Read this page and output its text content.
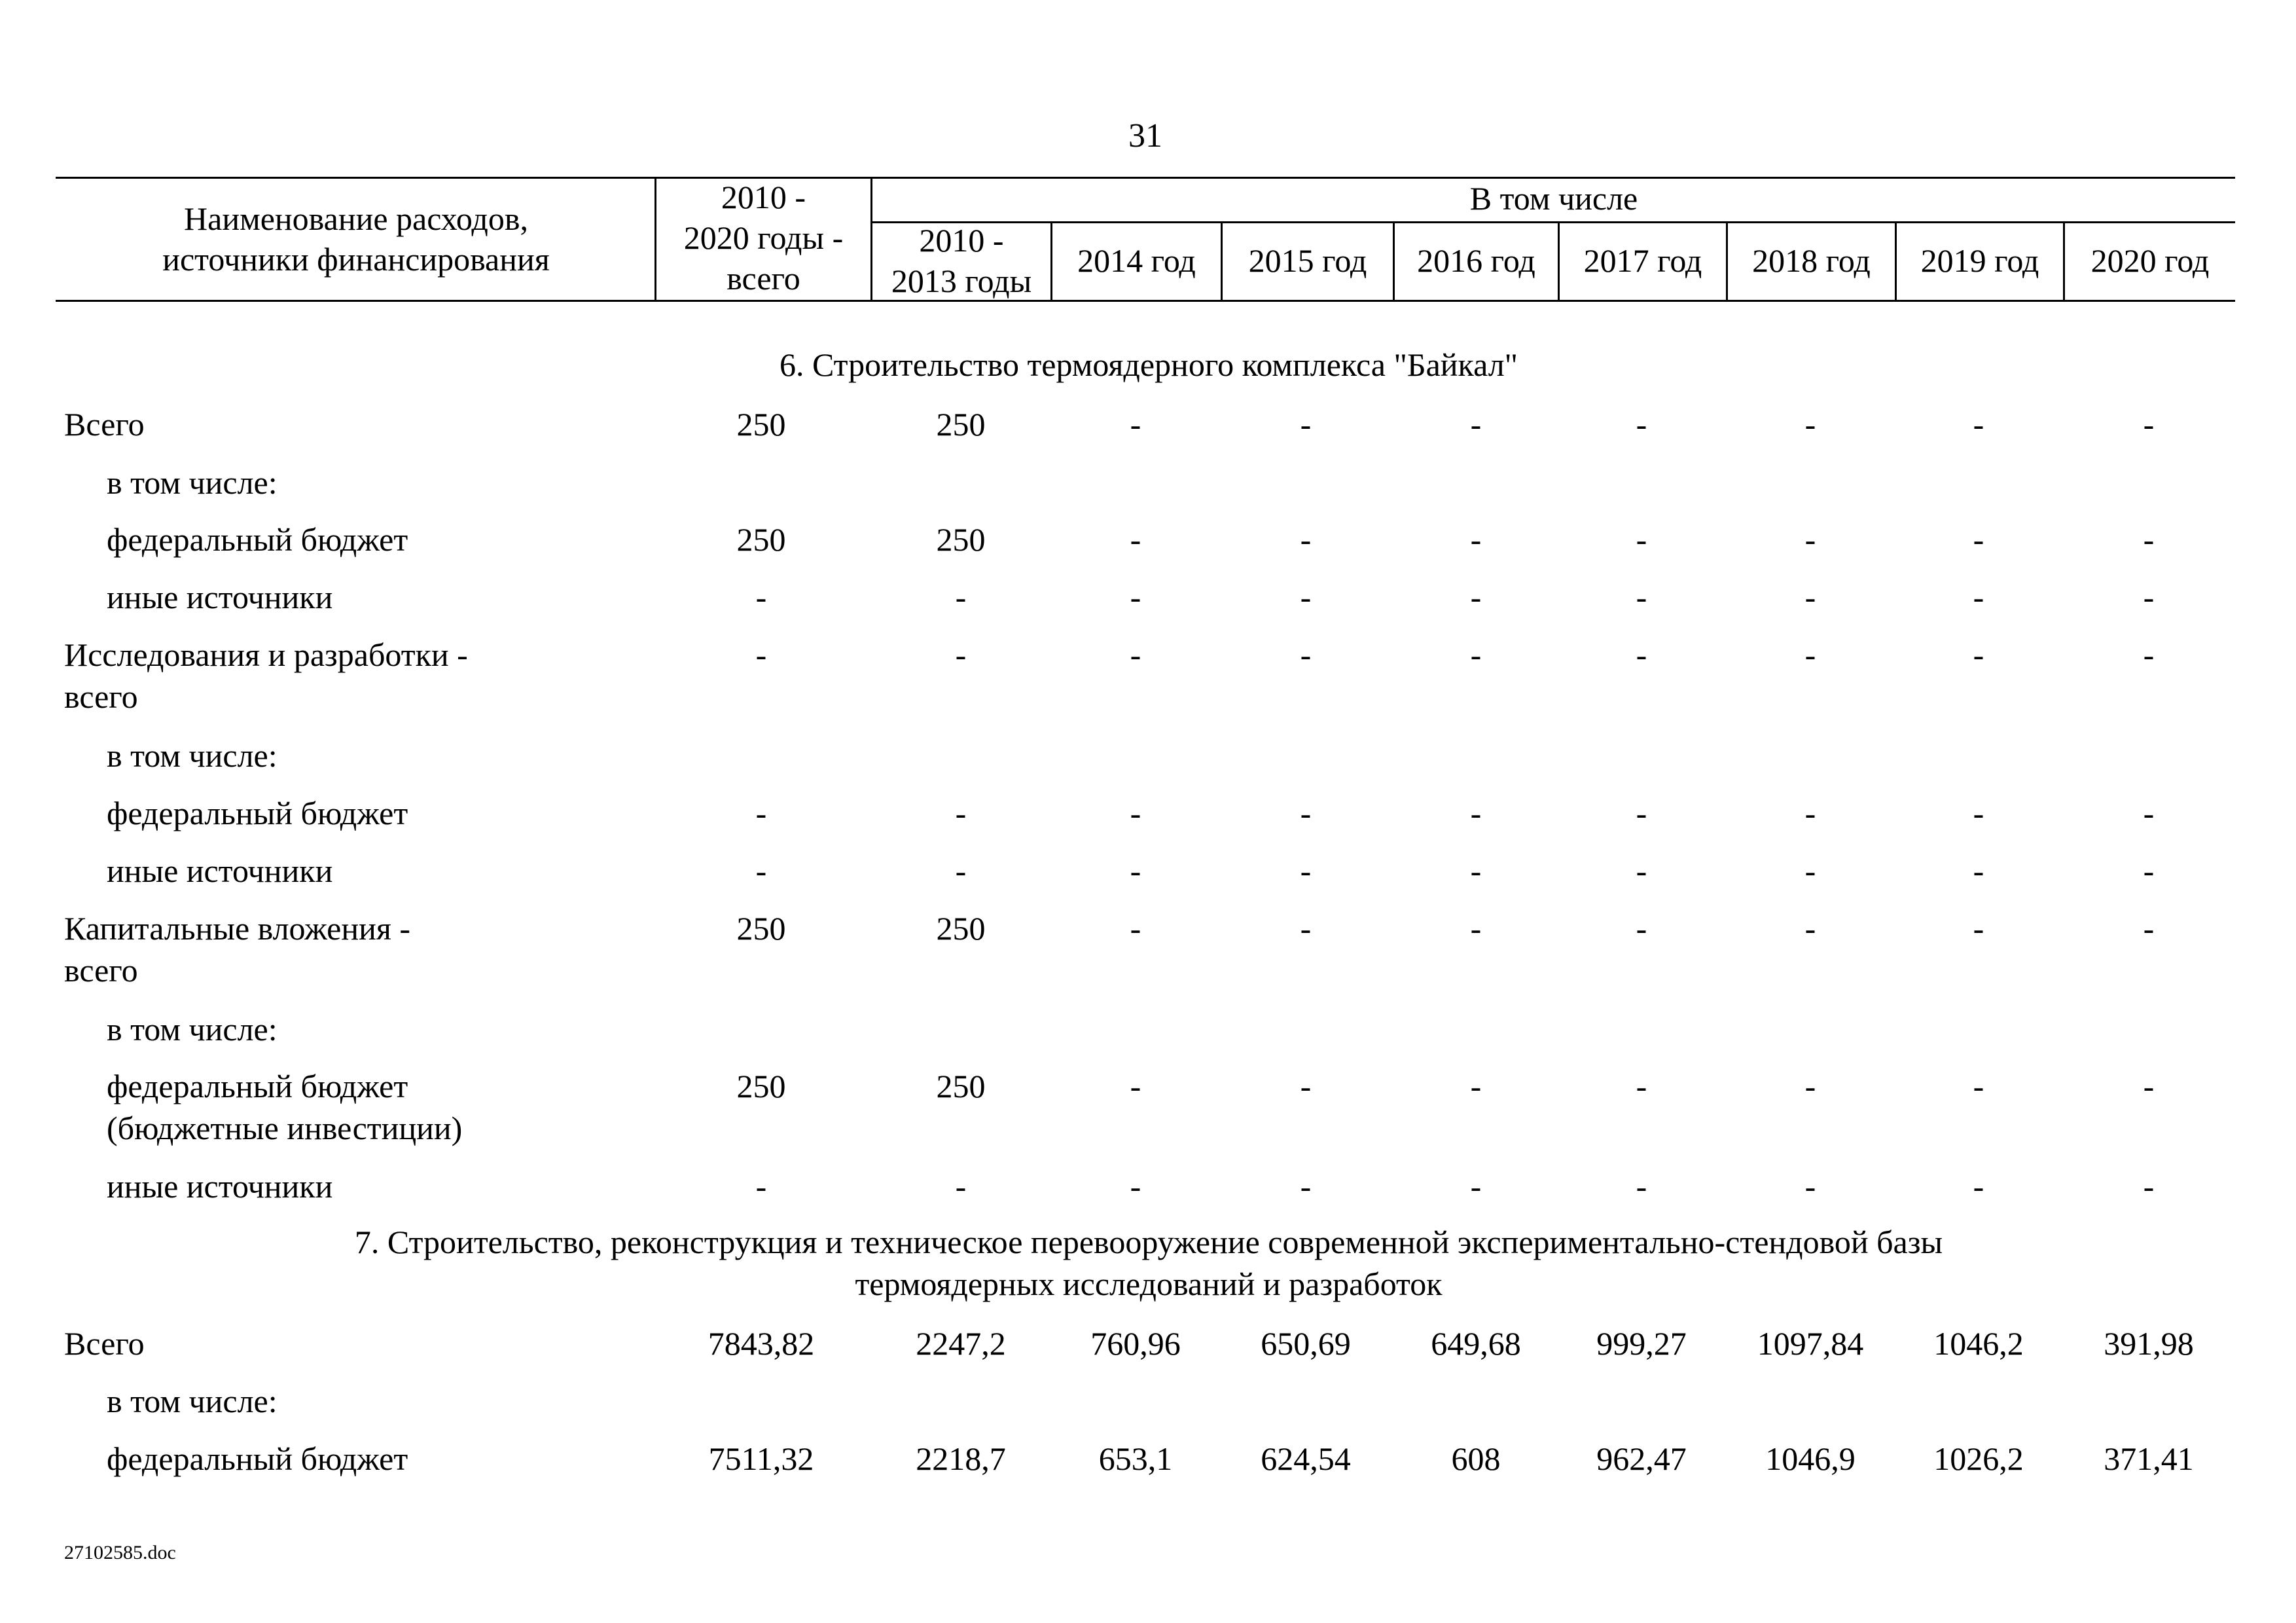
31
Наименование расходов,
источники финансирования
2010 -
2020 годы -
всего
В том числе
2010 -
2013 годы
2014 год	2015 год	2016 год	2017 год	2018 год	2019 год	2020 год
6. Строительство термоядерного комплекса "Байкал"
Всего	250	250	-	-	-	-	-	-	-
в том числе:
федеральный бюджет	250	250	-	-	-	-	-	-	-
иные источники	-	-	-	-	-	-	-	-	-
Исследования и разработки -
всего
-	-	-	-	-	-	-	-	-
в том числе:
федеральный бюджет	-	-	-	-	-	-	-	-	-
иные источники	-	-	-	-	-	-	-	-	-
Капитальные вложения -
всего
250	250	-	-	-	-	-	-	-
в том числе:
федеральный бюджет
(бюджетные инвестиции)
250	250	-	-	-	-	-	-	-
иные источники	-	-	-	-	-	-	-	-	-
7. Строительство, реконструкция и техническое перевооружение современной экспериментально-стендовой базы
термоядерных исследований и разработок
Всего	7843,82	2247,2	760,96	650,69	649,68	999,27	1097,84	1046,2	391,98
в том числе:
федеральный бюджет	7511,32	2218,7	653,1	624,54	608	962,47	1046,9	1026,2	371,41
27102585.doc
